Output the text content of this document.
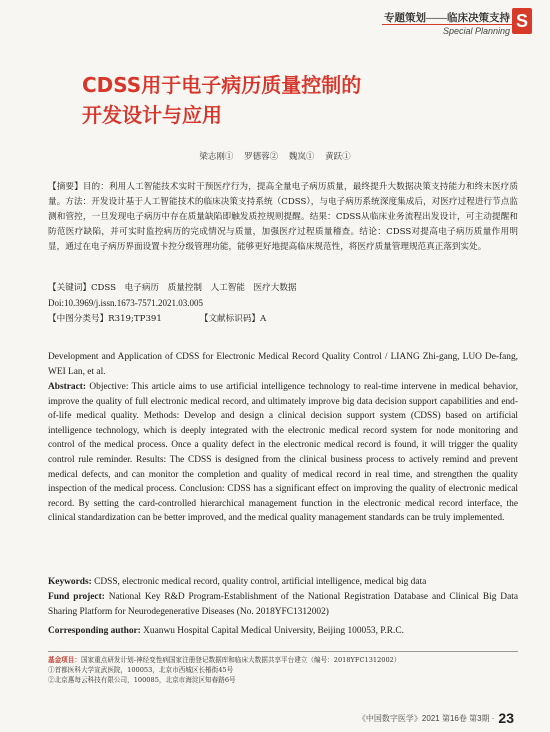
专题策划——临床决策支持
Special Planning S
CDSS用于电子病历质量控制的
开发设计与应用
梁志刚① 罗德蓉② 魏岚① 黄跃①
【摘要】目的：利用人工智能技术实时干预医疗行为，提高全量电子病历质量，最终提升大数据决策支持能力和终末医疗质量。方法：开发设计基于人工智能技术的临床决策支持系统（CDSS），与电子病历系统深度集成后，对医疗过程进行节点监测和管控，一旦发现电子病历中存在质量缺陷即触发质控规则提醒。结果：CDSS从临床业务流程出发设计，可主动提醒和防范医疗缺陷，并可实时监控病历的完成情况与质量，加强医疗过程质量稽查。结论：CDSS对提高电子病历质量作用明显，通过在电子病历界面设置卡控分级管理功能，能够更好地提高临床规范性，将医疗质量管理规范真正落到实处。
【关键词】CDSS　电子病历　质量控制　人工智能　医疗大数据
Doi:10.3969/j.issn.1673-7571.2021.03.005
【中图分类号】R319;TP391	【文献标识码】A
Development and Application of CDSS for Electronic Medical Record Quality Control / LIANG Zhi-gang, LUO De-fang, WEI Lan, et al.
Abstract: Objective: This article aims to use artificial intelligence technology to real-time intervene in medical behavior, improve the quality of full electronic medical record, and ultimately improve big data decision support capabilities and end-of-life medical quality. Methods: Develop and design a clinical decision support system (CDSS) based on artificial intelligence technology, which is deeply integrated with the electronic medical record system for node monitoring and control of the medical process. Once a quality defect in the electronic medical record is found, it will trigger the quality control rule reminder. Results: The CDSS is designed from the clinical business process to actively remind and prevent medical defects, and can monitor the completion and quality of medical record in real time, and strengthen the quality inspection of the medical process. Conclusion: CDSS has a significant effect on improving the quality of electronic medical record. By setting the card-controlled hierarchical management function in the electronic medical record interface, the clinical standardization can be better improved, and the medical quality management standards can be truly implemented.
Keywords: CDSS, electronic medical record, quality control, artificial intelligence, medical big data
Fund project: National Key R&D Program-Establishment of the National Registration Database and Clinical Big Data Sharing Platform for Neurodegenerative Diseases (No. 2018YFC1312002)
Corresponding author: Xuanwu Hospital Capital Medical University, Beijing 100053, P.R.C.
基金项目：国家重点研发计划-神经变性病国家注册登记数据库和临床大数据共享平台建立（编号：2018YFC1312002）
①首都医科大学宣武医院，100053，北京市西城区长椿街45号
②北京惠每云科技有限公司，100085，北京市海淀区知春路6号
《中国数字医学》2021 第16卷 第3期 · 23
